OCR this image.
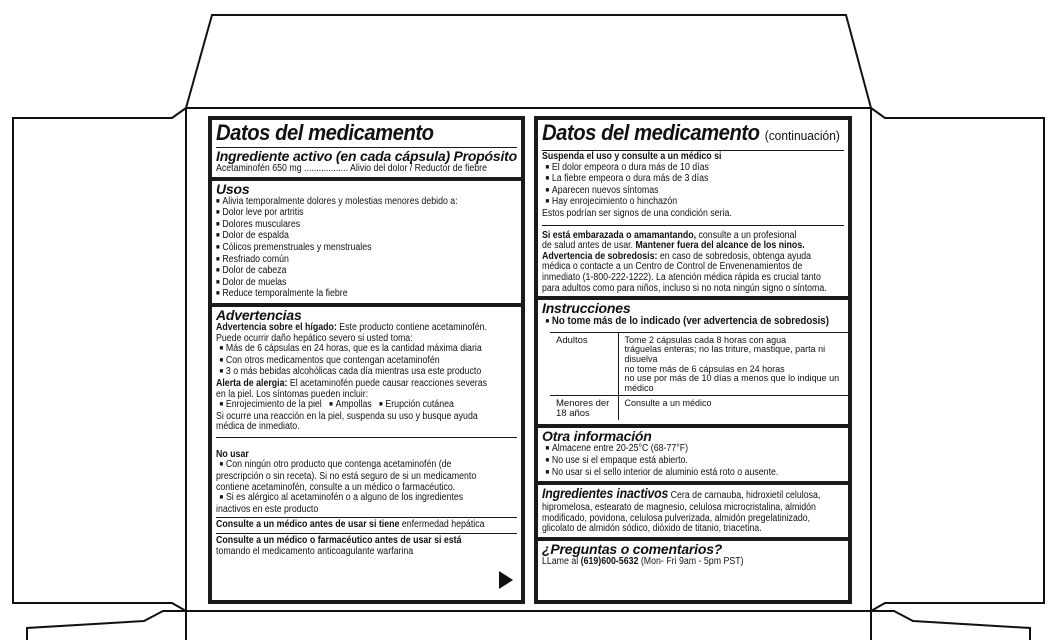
Datos del medicamento
Ingrediente activo (en cada cápsula) Propósito
Acetaminofén 650 mg .................. Alivio del dolor / Reductor de fiebre
Usos
■ Alivia temporalmente dolores y molestias menores debido a:
■ Dolor leve por artritis
■ Dolores musculares
■ Dolor de espalda
■ Cólicos premenstruales y menstruales
■ Resfriado común
■ Dolor de cabeza
■ Dolor de muelas
■ Reduce temporalmente la fiebre
Advertencias
Advertencia sobre el hígado: Este producto contiene acetaminofén.
Puede ocurrir daño hepático severo si usted toma:
■ Más de 6 cápsulas en 24 horas, que es la cantidad máxima diaria
■ Con otros medicamentos que contengan acetaminofén
■ 3 o más bebidas alcohólicas cada día mientras usa este producto
Alerta de alergia: El acetaminofén puede causar reacciones severas
en la piel. Los síntomas pueden incluir:
■ Enrojecimiento de la piel ■ Ampollas ■ Erupción cutánea
Si ocurre una reacción en la piel, suspenda su uso y busque ayuda
médica de inmediato.
No usar
■ Con ningún otro producto que contenga acetaminofén (de
prescripción o sin receta). Si no está seguro de si un medicamento
contiene acetaminofén, consulte a un médico o farmacéutico.
■ Si es alérgico al acetaminofén o a alguno de los ingredientes
inactivos en este producto
Consulte a un médico antes de usar si tiene enfermedad hepática
Consulte a un médico o farmacéutico antes de usar si está
tomando el medicamento anticoagulante warfarina
Datos del medicamento (continuación)
Suspenda el uso y consulte a un médico si
■ El dolor empeora o dura más de 10 días
■ La fiebre empeora o dura más de 3 días
■ Aparecen nuevos síntomas
■ Hay enrojecimiento o hinchazón
Estos podrían ser signos de una condición seria.
Si está embarazada o amamantando, consulte a un profesional
de salud antes de usar. Mantener fuera del alcance de los ninos.
Advertencia de sobredosis: en caso de sobredosis, obtenga ayuda
médica o contacte a un Centro de Control de Envenenamientos de
inmediato (1-800-222-1222). La atención médica rápida es crucial tanto
para adultos como para niños, incluso si no nota ningún signo o síntoma.
Instrucciones
■ No tome más de lo indicado (ver advertencia de sobredosis)
Adultos	Tome 2 cápsulas cada 8 horas con agua
tráguelas enteras; no las triture, mastique, parta ni disuelva
no tome más de 6 cápsulas en 24 horas
no use por más de 10 días a menos que lo indique un médico

Menores der 18 años	Consulte a un médico
Otra información
■ Almacene entre 20-25°C (68-77°F)
■ No use si el empaque está abierto.
■ No usar si el sello interior de aluminio está roto o ausente.
Ingredientes inactivos Cera de carnauba, hidroxietil celulosa,
hipromelosa, estearato de magnesio, celulosa microcristalina, almidón
modificado, povidona, celulosa pulverizada, almidón pregelatinizado,
glicolato de almidón sódico, dióxido de titanio, triacetina.
¿Preguntas o comentarios?
LLame al (619)600-5632 (Mon- Fri 9am - 5pm PST)
